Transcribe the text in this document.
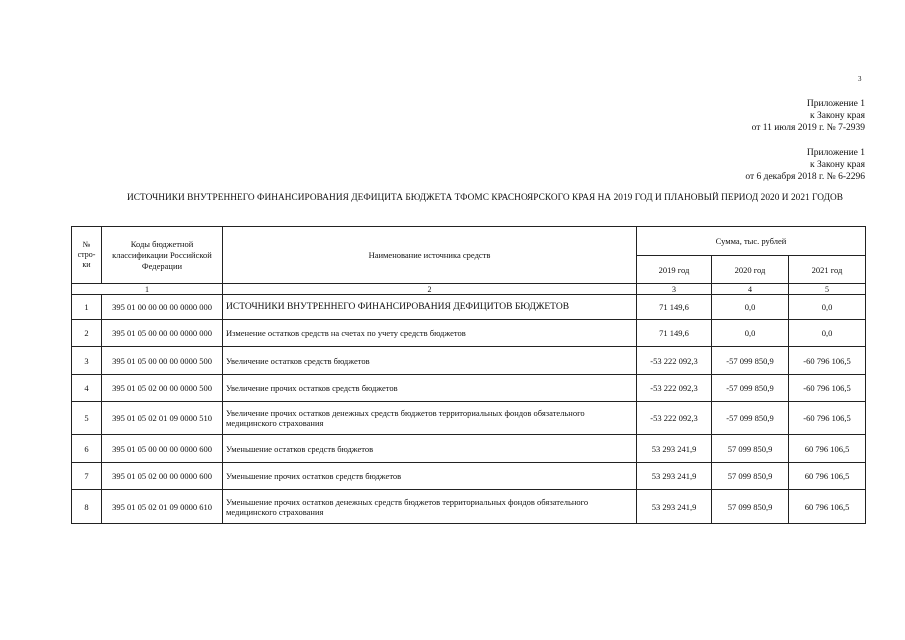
3
Приложение 1
к Закону края
от 11 июля 2019 г. № 7-2939
Приложение 1
к Закону края
от 6 декабря 2018 г. № 6-2296
ИСТОЧНИКИ ВНУТРЕННЕГО ФИНАНСИРОВАНИЯ ДЕФИЦИТА БЮДЖЕТА ТФОМС КРАСНОЯРСКОГО КРАЯ НА 2019 ГОД И ПЛАНОВЫЙ ПЕРИОД 2020 И 2021 ГОДОВ
№ стро-ки	Коды бюджетной классификации Российской Федерации	Наименование источника средств	Сумма, тыс. рублей		
			2019 год	2020 год	2021 год
1		2	3	4	5
1	395 01 00 00 00 00 0000 000	ИСТОЧНИКИ ВНУТРЕННЕГО ФИНАНСИРОВАНИЯ ДЕФИЦИТОВ БЮДЖЕТОВ	71 149,6	0,0	0,0
2	395 01 05 00 00 00 0000 000	Изменение остатков средств на счетах по учету средств бюджетов	71 149,6	0,0	0,0
3	395 01 05 00 00 00 0000 500	Увеличение остатков средств бюджетов	-53 222 092,3	-57 099 850,9	-60 796 106,5
4	395 01 05 02 00 00 0000 500	Увеличение прочих остатков средств бюджетов	-53 222 092,3	-57 099 850,9	-60 796 106,5
5	395 01 05 02 01 09 0000 510	Увеличение прочих остатков денежных средств бюджетов территориальных фондов обязательного медицинского страхования	-53 222 092,3	-57 099 850,9	-60 796 106,5
6	395 01 05 00 00 00 0000 600	Уменьшение остатков средств бюджетов	53 293 241,9	57 099 850,9	60 796 106,5
7	395 01 05 02 00 00 0000 600	Уменьшение прочих остатков средств бюджетов	53 293 241,9	57 099 850,9	60 796 106,5
8	395 01 05 02 01 09 0000 610	Уменьшение прочих остатков денежных средств бюджетов территориальных фондов обязательного медицинского страхования	53 293 241,9	57 099 850,9	60 796 106,5
